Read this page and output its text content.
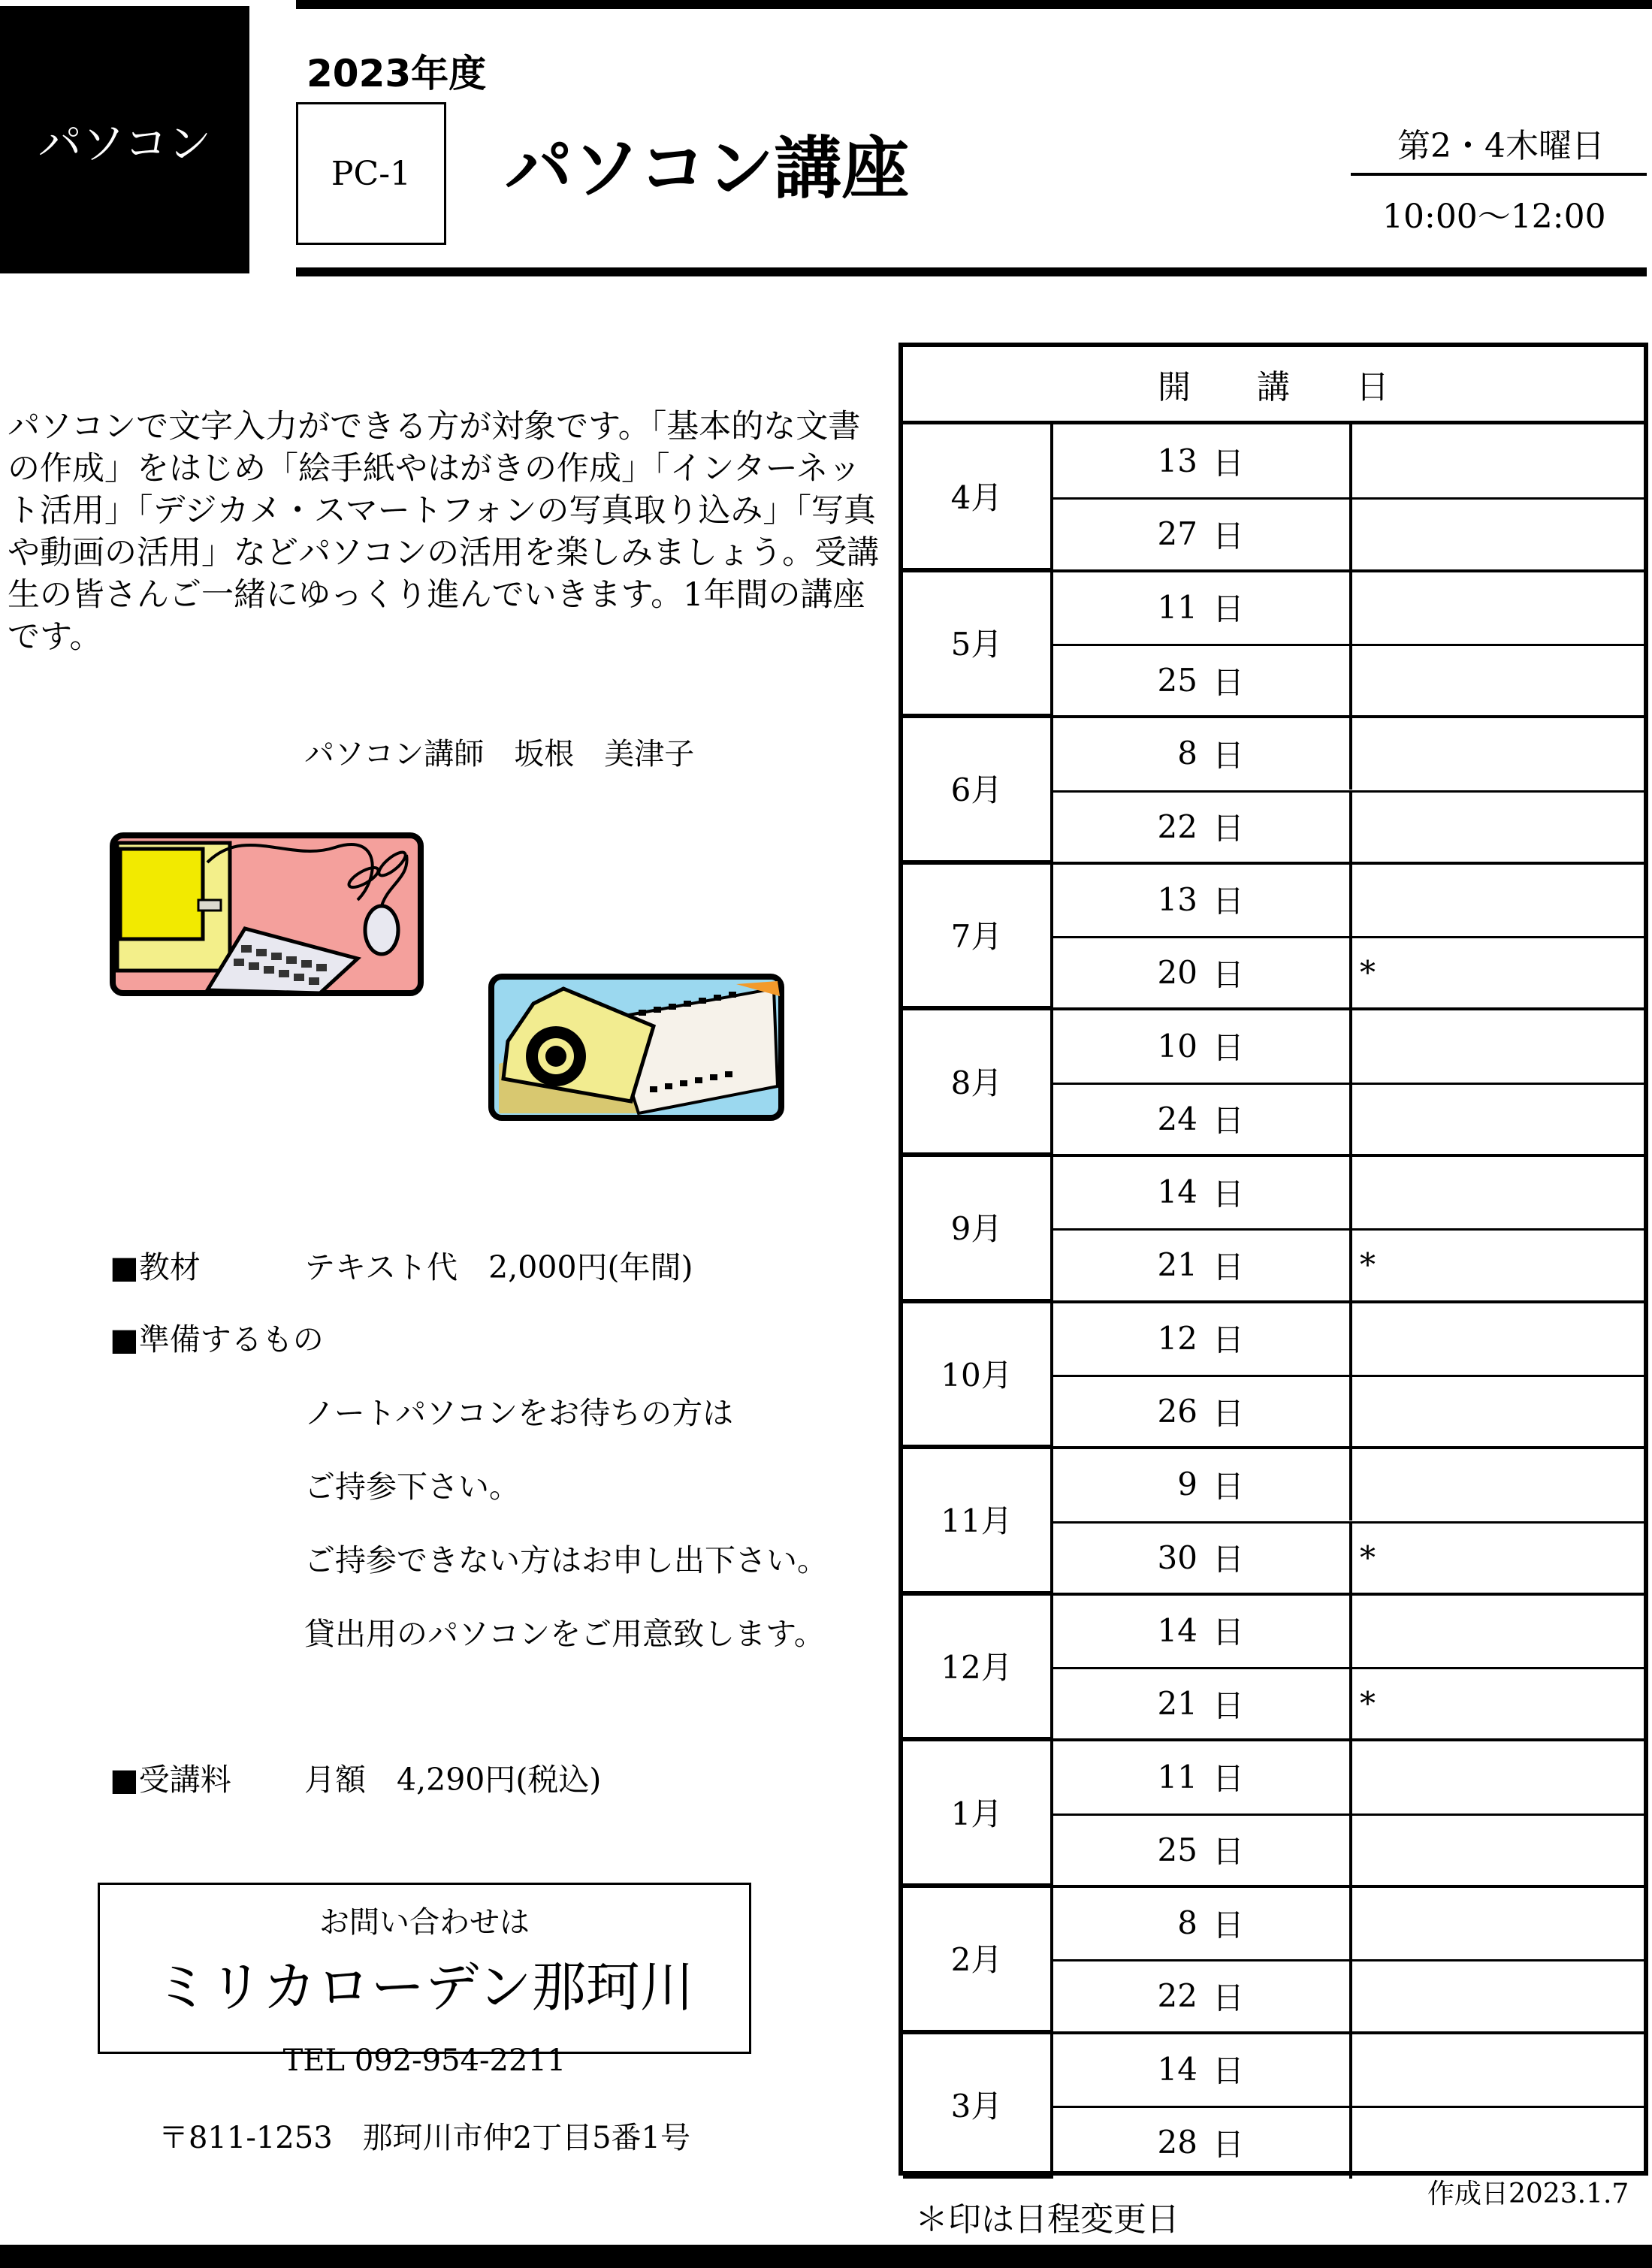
パソコン
2023年度
PC-1	パソコン講座	第2・4木曜日
10:00〜12:00

パソコンで文字入力ができる方が対象です。「基本的な文書の作成」をはじめ「絵手紙やはがきの作成」「インターネット活用」「デジカメ・スマートフォンの写真取り込み」「写真や動画の活用」などパソコンの活用を楽しみましょう。受講生の皆さんご一緒にゆっくり進んでいきます。1年間の講座です。

パソコン講師　坂根　美津子
■教材	テキスト代　2,000円(年間)
■準備するもの
ノートパソコンをお待ちの方は
ご持参下さい。
ご持参できない方はお申し出下さい。
貸出用のパソコンをご用意致します。
■受講料 月額　4,290円(税込)
お問い合わせは
ミリカローデン那珂川
TEL 092-954-2211
〒811-1253　那珂川市仲2丁目5番1号
開　　講　　日
4月
13 日
27 日
5月
11 日
25 日
6月
8 日
22 日
7月
13 日
20 日	*
8月
10 日
24 日
9月
14 日
21 日	*
10月
12 日
26 日
11月
9 日
30 日	*
12月
14 日
21 日	*
1月
11 日
25 日
2月
8 日
22 日
3月
14 日
28 日
＊印は日程変更日
作成日2023.1.7
